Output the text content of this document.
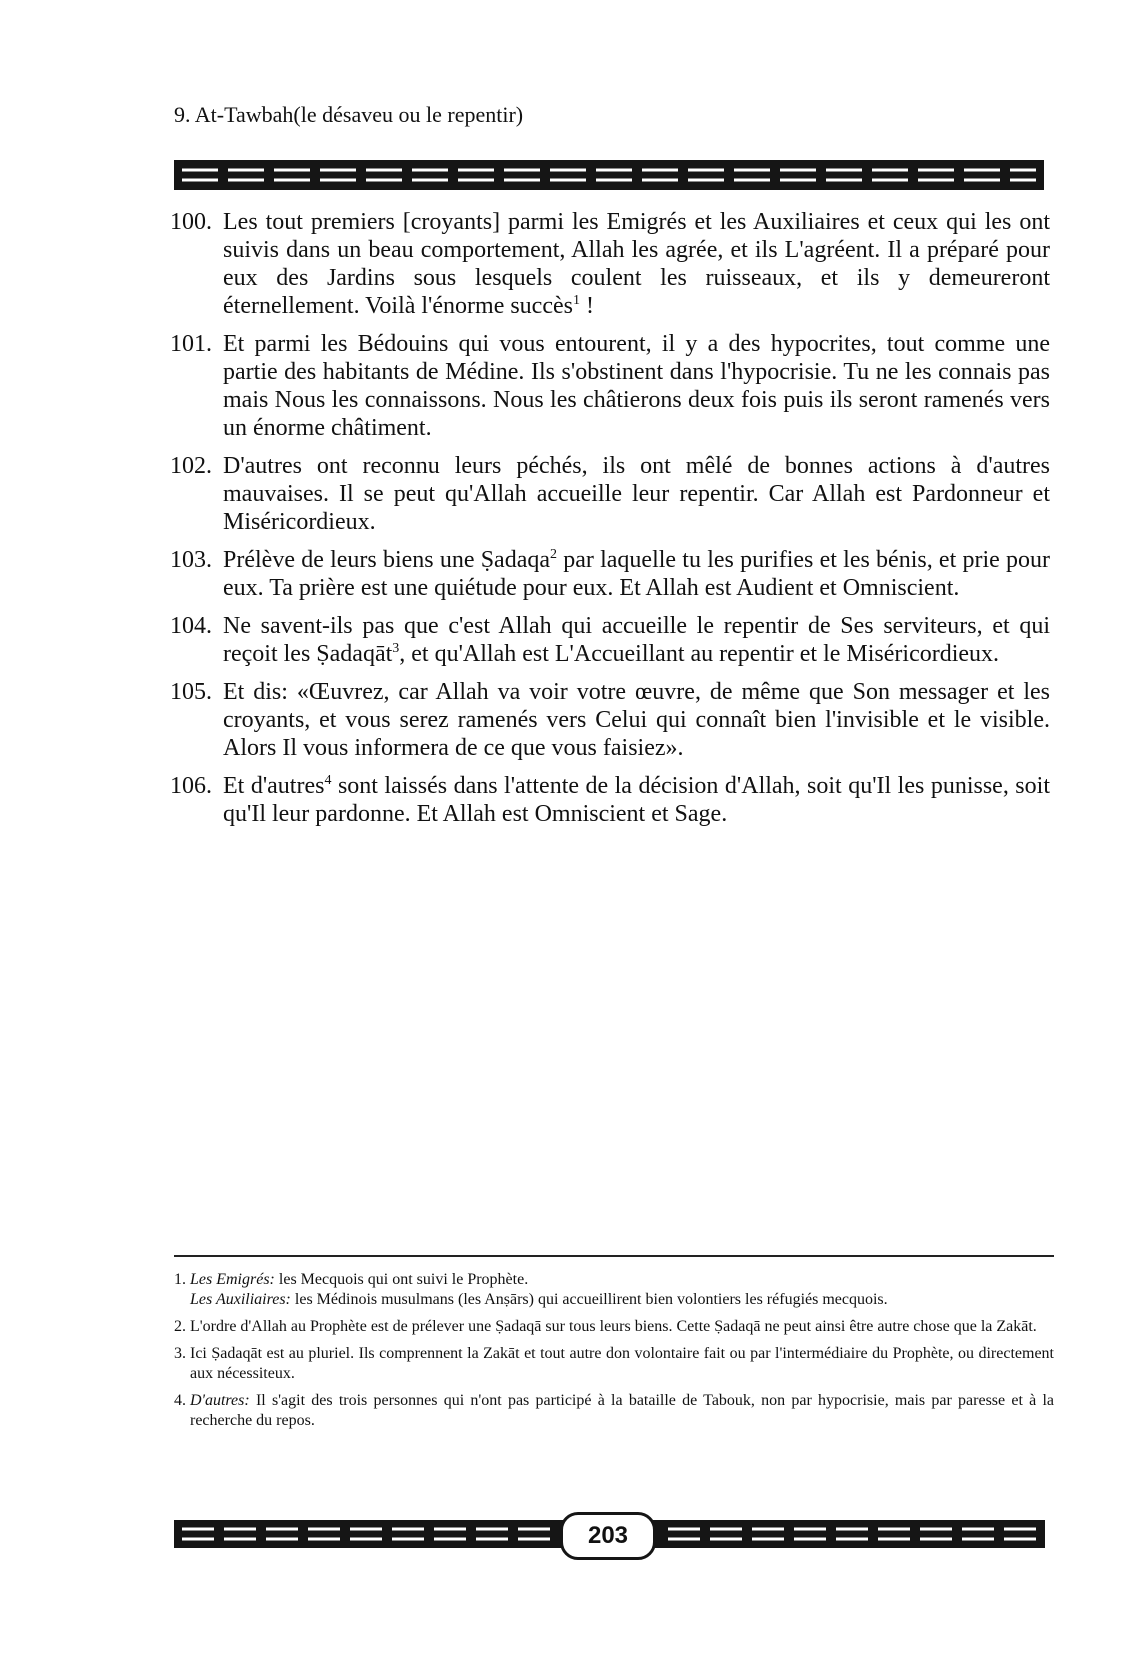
9. At-Tawbah(le désaveu ou le repentir)
100. Les tout premiers [croyants] parmi les Emigrés et les Auxiliaires et ceux qui les ont suivis dans un beau comportement, Allah les agrée, et ils L'agréent. Il a préparé pour eux des Jardins sous lesquels coulent les ruisseaux, et ils y demeureront éternellement. Voilà l'énorme succès$^1$ !
101. Et parmi les Bédouins qui vous entourent, il y a des hypocrites, tout comme une partie des habitants de Médine. Ils s'obstinent dans l'hypocrisie. Tu ne les connais pas mais Nous les connaissons. Nous les châtierons deux fois puis ils seront ramenés vers un énorme châtiment.
102. D'autres ont reconnu leurs péchés, ils ont mêlé de bonnes actions à d'autres mauvaises. Il se peut qu'Allah accueille leur repentir. Car Allah est Pardonneur et Miséricordieux.
103. Prélève de leurs biens une Ṣadaqa$^2$ par laquelle tu les purifies et les bénis, et prie pour eux. Ta prière est une quiétude pour eux. Et Allah est Audient et Omniscient.
104. Ne savent-ils pas que c'est Allah qui accueille le repentir de Ses serviteurs, et qui reçoit les Ṣadaqāt$^3$, et qu'Allah est L'Accueillant au repentir et le Miséricordieux.
105. Et dis: «Œuvrez, car Allah va voir votre œuvre, de même que Son messager et les croyants, et vous serez ramenés vers Celui qui connaît bien l'invisible et le visible. Alors Il vous informera de ce que vous faisiez».
106. Et d'autres$^4$ sont laissés dans l'attente de la décision d'Allah, soit qu'Il les punisse, soit qu'Il leur pardonne. Et Allah est Omniscient et Sage.
1. Les Emigrés: les Mecquois qui ont suivi le Prophète.
Les Auxiliaires: les Médinois musulmans (les Anṣārs) qui accueillirent bien volontiers les réfugiés mecquois.
2. L'ordre d'Allah au Prophète est de prélever une Ṣadaqā sur tous leurs biens. Cette Ṣadaqā ne peut ainsi être autre chose que la Zakāt.
3. Ici Ṣadaqāt est au pluriel. Ils comprennent la Zakāt et tout autre don volontaire fait ou par l'intermédiaire du Prophète, ou directement aux nécessiteux.
4. D'autres: Il s'agit des trois personnes qui n'ont pas participé à la bataille de Tabouk, non par hypocrisie, mais par paresse et à la recherche du repos.
203
